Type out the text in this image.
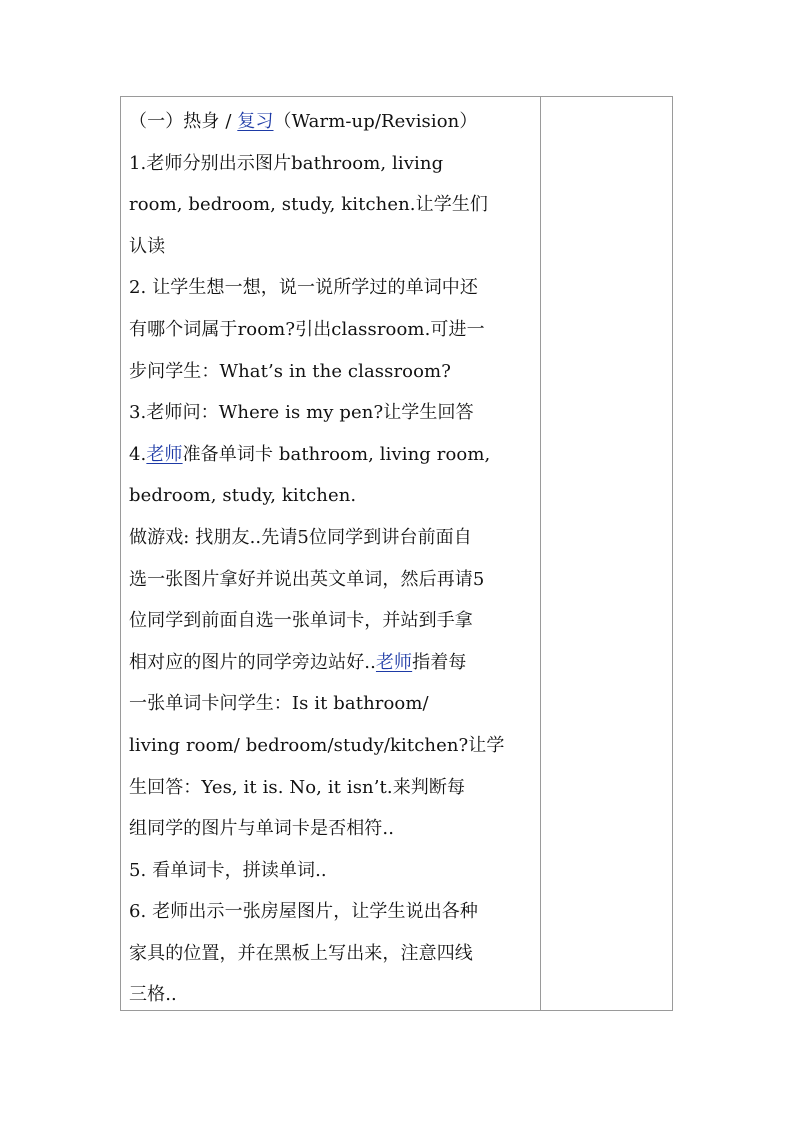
（一）热身 / 复习（Warm-up/Revision）
1.老师分别出示图片bathroom, living
room, bedroom, study, kitchen.让学生们
认读
2. 让学生想一想，说一说所学过的单词中还
有哪个词属于room?引出classroom.可进一
步问学生：What’s in the classroom?
3.老师问：Where is my pen?让学生回答
4.老师准备单词卡 bathroom, living room,
bedroom, study, kitchen.
做游戏: 找朋友..先请5位同学到讲台前面自
选一张图片拿好并说出英文单词，然后再请5
位同学到前面自选一张单词卡，并站到手拿
相对应的图片的同学旁边站好..老师指着每
一张单词卡问学生：Is it bathroom/
living room/ bedroom/study/kitchen?让学
生回答：Yes, it is. No, it isn’t.来判断每
组同学的图片与单词卡是否相符..
5. 看单词卡，拼读单词..
6. 老师出示一张房屋图片，让学生说出各种
家具的位置，并在黑板上写出来，注意四线
三格..
